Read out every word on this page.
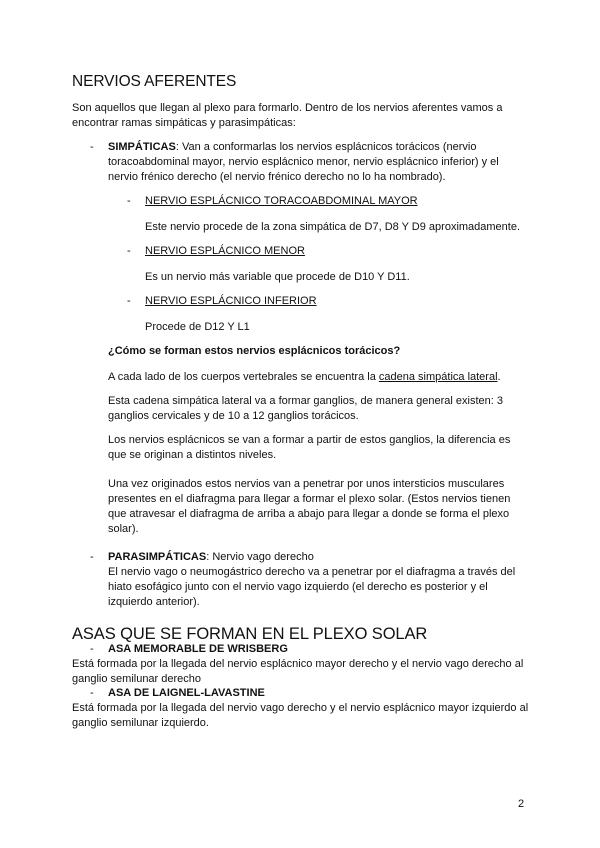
NERVIOS AFERENTES
Son aquellos que llegan al plexo para formarlo. Dentro de los nervios aferentes vamos a encontrar ramas simpáticas y parasimpáticas:
- SIMPÁTICAS: Van a conformarlas los nervios esplácnicos torácicos (nervio toracoabdominal mayor, nervio esplácnico menor, nervio esplácnico inferior) y el nervio frénico derecho (el nervio frénico derecho no lo ha nombrado).
- NERVIO ESPLÁCNICO TORACOABDOMINAL MAYOR
Este nervio procede de la zona simpática de D7, D8 Y D9 aproximadamente.
- NERVIO ESPLÁCNICO MENOR
Es un nervio más variable que procede de D10 Y D11.
- NERVIO ESPLÁCNICO INFERIOR
Procede de D12 Y L1
¿Cómo se forman estos nervios esplácnicos torácicos?
A cada lado de los cuerpos vertebrales se encuentra la cadena simpática lateral.
Esta cadena simpática lateral va a formar ganglios, de manera general existen: 3 ganglios cervicales y de 10 a 12 ganglios torácicos.
Los nervios esplácnicos se van a formar a partir de estos ganglios, la diferencia es que se originan a distintos niveles.
Una vez originados estos nervios van a penetrar por unos intersticios musculares presentes en el diafragma para llegar a formar el plexo solar. (Estos nervios tienen que atravesar el diafragma de arriba a abajo para llegar a donde se forma el plexo solar).
- PARASIMPÁTICAS: Nervio vago derecho
El nervio vago o neumogástrico derecho va a penetrar por el diafragma a través del hiato esofágico junto con el nervio vago izquierdo (el derecho es posterior y el izquierdo anterior).
ASAS QUE SE FORMAN EN EL PLEXO SOLAR
- ASA MEMORABLE DE WRISBERG
Está formada por la llegada del nervio esplácnico mayor derecho y el nervio vago derecho al ganglio semilunar derecho
- ASA DE LAIGNEL-LAVASTINE
Está formada por la llegada del nervio vago derecho y el nervio esplácnico mayor izquierdo al ganglio semilunar izquierdo.
2
